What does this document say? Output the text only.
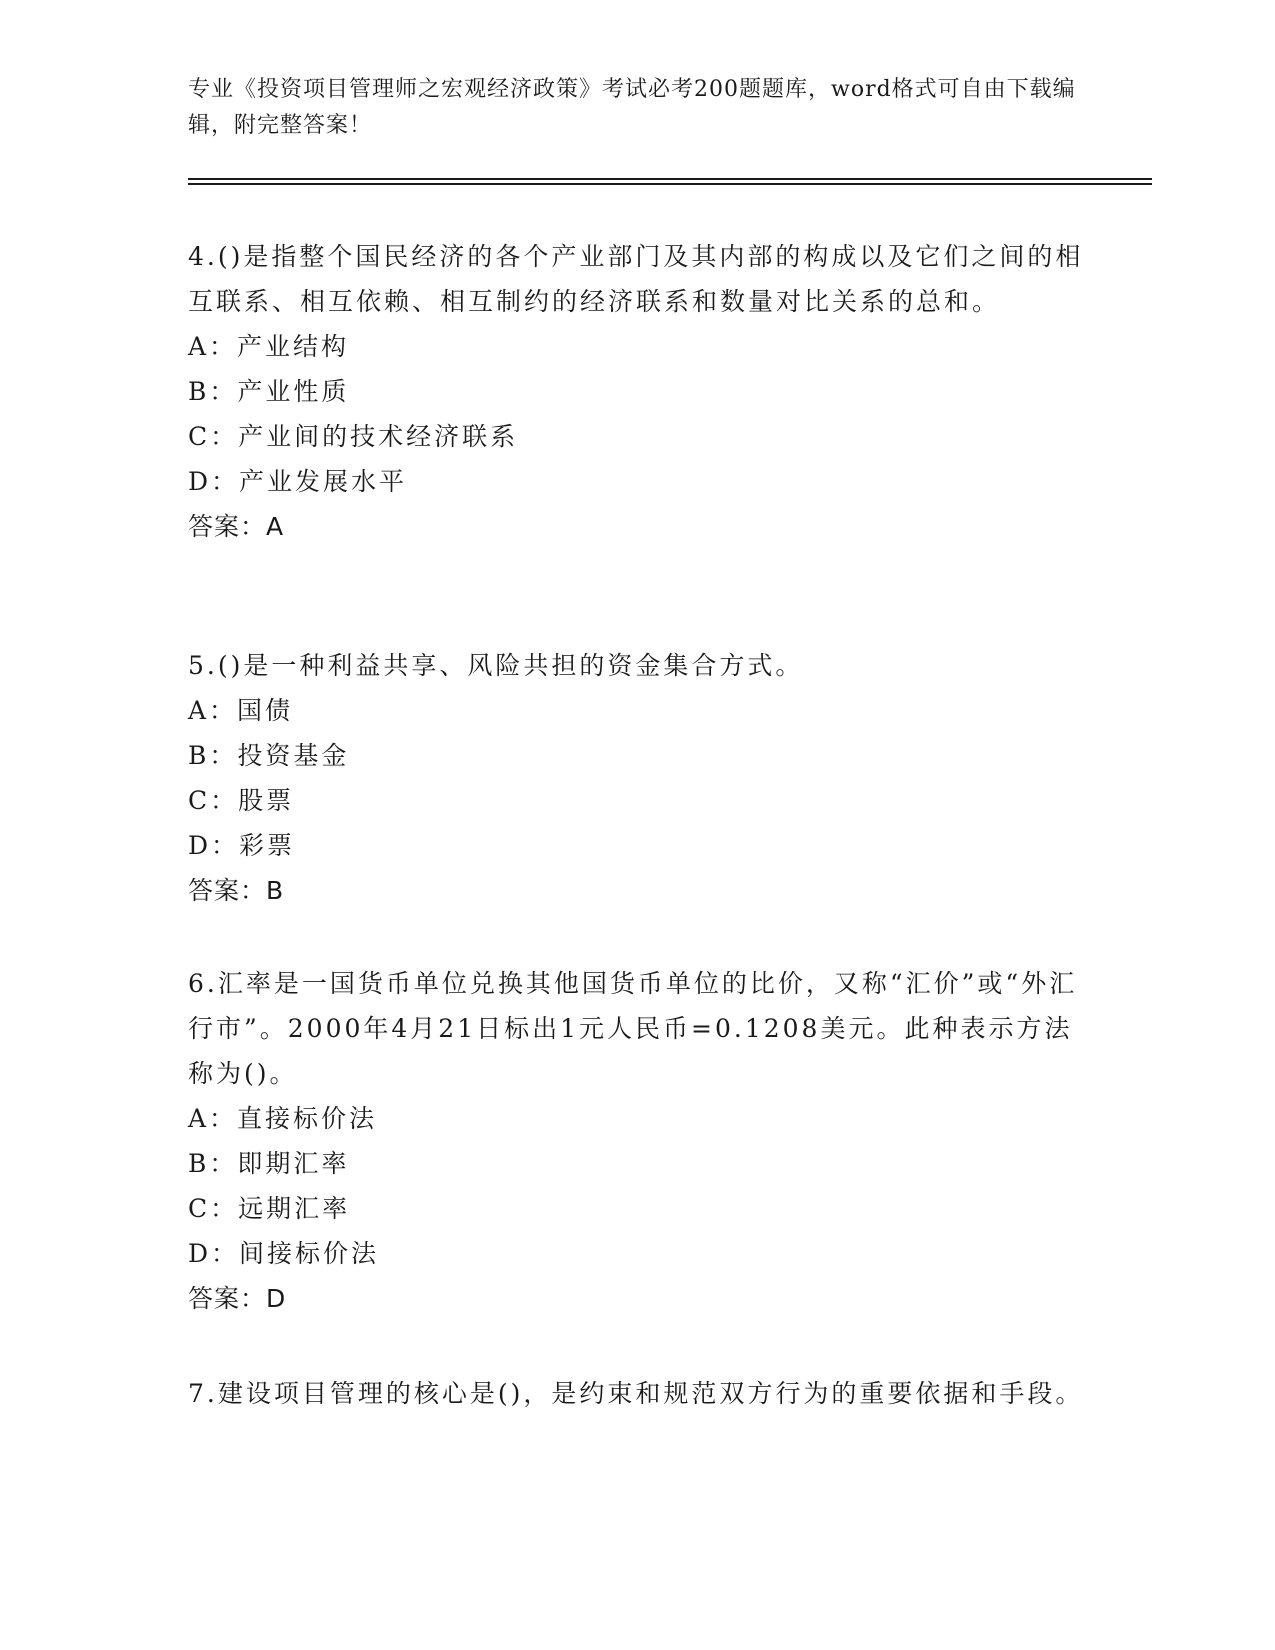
专业《投资项目管理师之宏观经济政策》考试必考200题题库，word格式可自由下载编辑，附完整答案！
4.()是指整个国民经济的各个产业部门及其内部的构成以及它们之间的相互联系、相互依赖、相互制约的经济联系和数量对比关系的总和。
A：产业结构
B：产业性质
C：产业间的技术经济联系
D：产业发展水平
答案：A
5.()是一种利益共享、风险共担的资金集合方式。
A：国债
B：投资基金
C：股票
D：彩票
答案：B
6.汇率是一国货币单位兑换其他国货币单位的比价，又称“汇价”或“外汇行市”。2000年4月21日标出1元人民币=0.1208美元。此种表示方法称为()。
A：直接标价法
B：即期汇率
C：远期汇率
D：间接标价法
答案：D
7.建设项目管理的核心是()，是约束和规范双方行为的重要依据和手段。
